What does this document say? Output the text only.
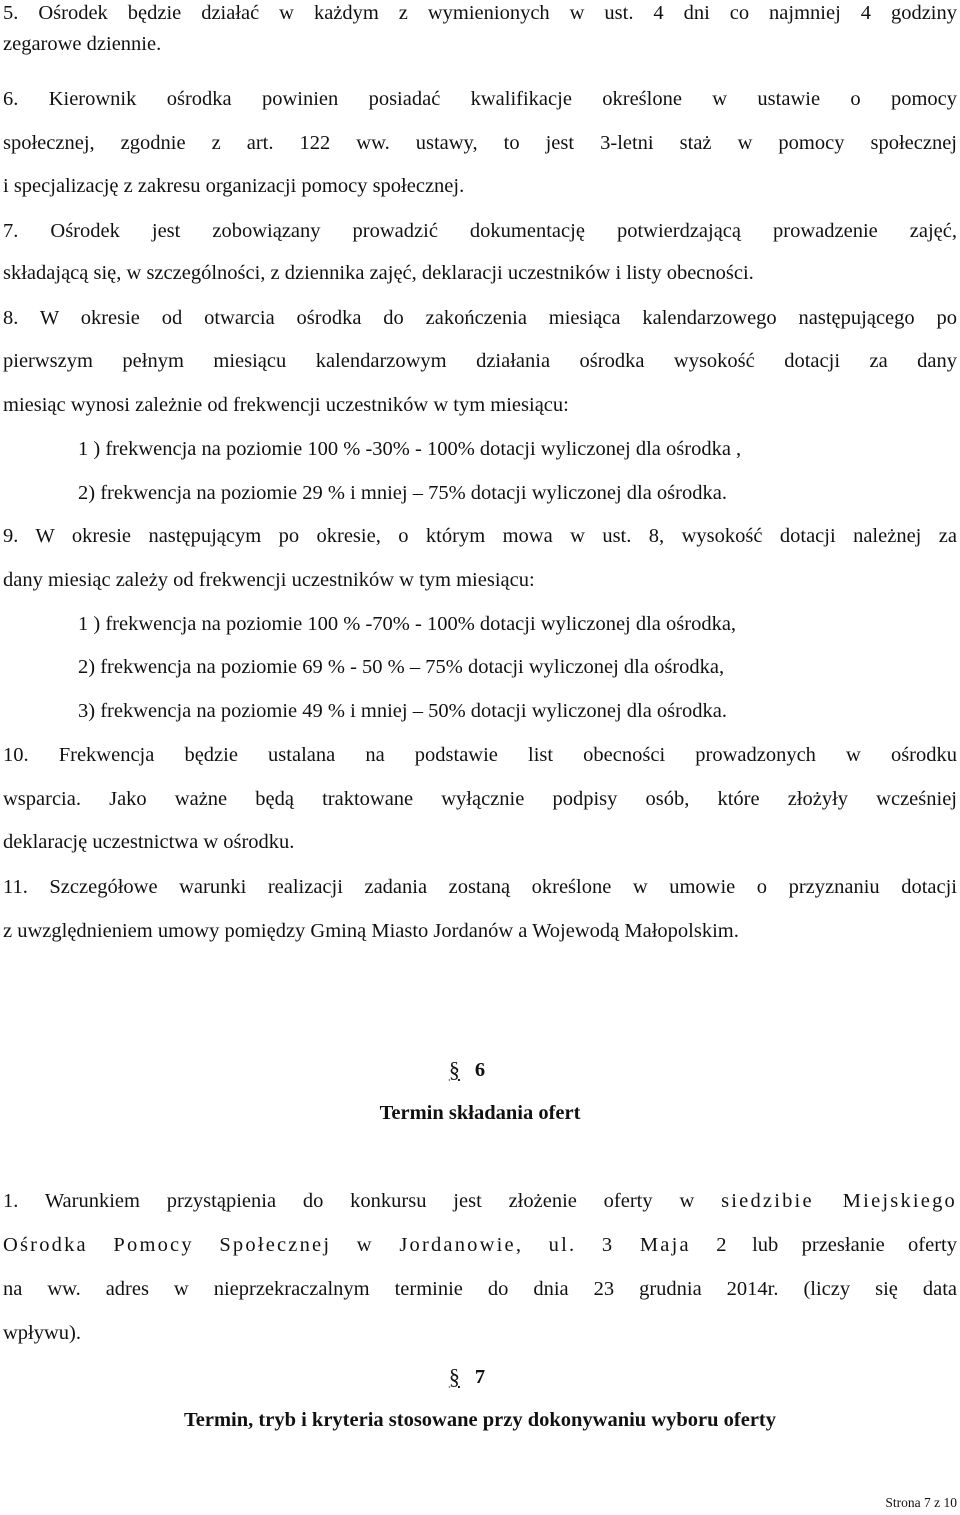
5. Ośrodek będzie działać w każdym z wymienionych w ust. 4 dni co najmniej 4 godziny
zegarowe dziennie.
6. Kierownik ośrodka powinien posiadać kwalifikacje określone w ustawie o pomocy
społecznej, zgodnie z art. 122 ww. ustawy, to jest 3-letni staż w pomocy społecznej
i specjalizację z zakresu organizacji pomocy społecznej.
7. Ośrodek jest zobowiązany prowadzić dokumentację potwierdzającą prowadzenie zajęć,
składającą się, w szczególności, z dziennika zajęć, deklaracji uczestników i listy obecności.
8. W okresie od otwarcia ośrodka do zakończenia miesiąca kalendarzowego następującego po
pierwszym pełnym miesiącu kalendarzowym działania ośrodka wysokość dotacji za dany
miesiąc wynosi zależnie od frekwencji uczestników w tym miesiącu:
1 ) frekwencja na poziomie 100 % -30% - 100% dotacji wyliczonej dla ośrodka ,
2) frekwencja na poziomie 29 % i mniej – 75% dotacji wyliczonej dla ośrodka.
9. W okresie następującym po okresie, o którym mowa w ust. 8, wysokość dotacji należnej za
dany miesiąc zależy od frekwencji uczestników w tym miesiącu:
1 ) frekwencja na poziomie 100 % -70% - 100% dotacji wyliczonej dla ośrodka,
2) frekwencja na poziomie 69 % - 50 % – 75% dotacji wyliczonej dla ośrodka,
3) frekwencja na poziomie 49 % i mniej – 50% dotacji wyliczonej dla ośrodka.
10. Frekwencja będzie ustalana na podstawie list obecności prowadzonych w ośrodku
wsparcia. Jako ważne będą traktowane wyłącznie podpisy osób, które złożyły wcześniej
deklarację uczestnictwa w ośrodku.
11. Szczegółowe warunki realizacji zadania zostaną określone w umowie o przyznaniu dotacji
z uwzględnieniem umowy pomiędzy Gminą Miasto Jordanów a Wojewodą Małopolskim.
§ 6
Termin składania ofert
1. Warunkiem przystąpienia do konkursu jest złożenie oferty w siedzibie Miejskiego
Ośrodka Pomocy Społecznej w Jordanowie, ul. 3 Maja 2 lub przesłanie oferty
na ww. adres w nieprzekraczalnym terminie do dnia 23 grudnia 2014r. (liczy się data
wpływu).
§ 7
Termin, tryb i kryteria stosowane przy dokonywaniu wyboru oferty
Strona 7 z 10
